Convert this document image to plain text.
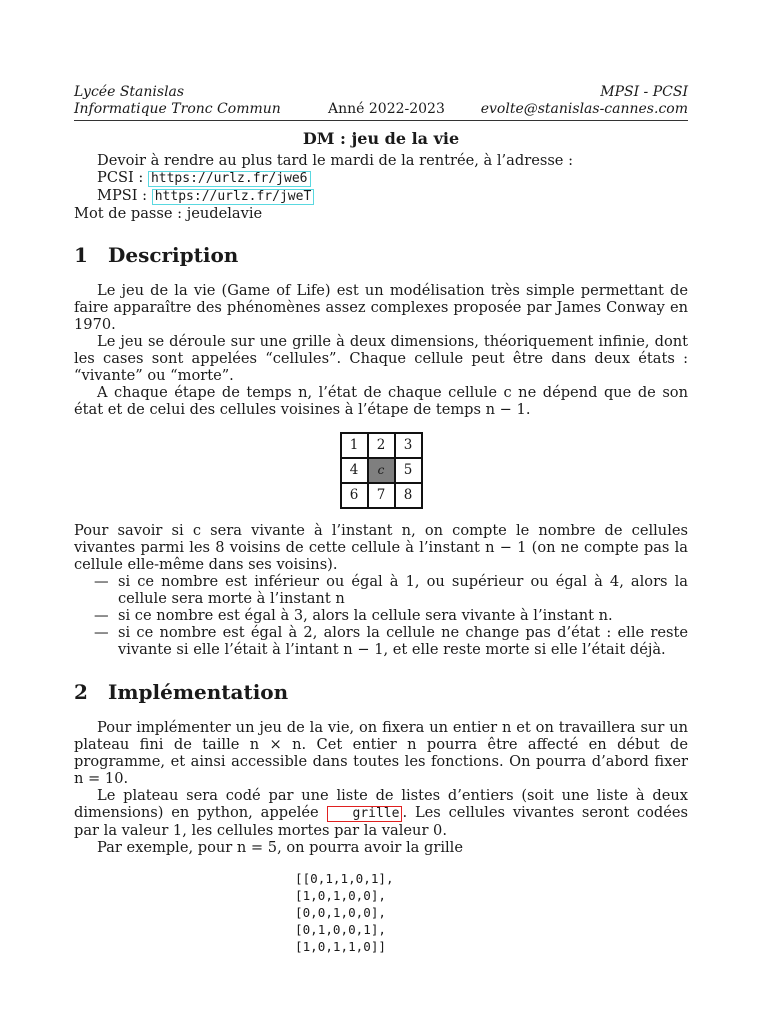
Lycée Stanislas	MPSI - PCSI
Informatique Tronc Commun	Anné 2022-2023	evolte@stanislas-cannes.com
DM : jeu de la vie

Devoir à rendre au plus tard le mardi de la rentrée, à l’adresse :

PCSI : https://urlz.fr/jwe6

MPSI : https://urlz.fr/jweT

Mot de passe : jeudelavie

1 Description

Le jeu de la vie (Game of Life) est un modélisation très simple permettant de faire apparaître des phénomènes assez complexes proposée par James Conway en 1970.

Le jeu se déroule sur une grille à deux dimensions, théoriquement infinie, dont les cases sont appelées “cellules”. Chaque cellule peut être dans deux états : “vivante” ou “morte”.

A chaque étape de temps n, l’état de chaque cellule c ne dépend que de son état et de celui des cellules voisines à l’étape de temps n − 1.

1	2	3
4	c	5
6	7	8

Pour savoir si c sera vivante à l’instant n, on compte le nombre de cellules vivantes parmi les 8 voisins de cette cellule à l’instant n − 1 (on ne compte pas la cellule elle-même dans ses voisins).

— si ce nombre est inférieur ou égal à 1, ou supérieur ou égal à 4, alors la cellule sera morte à l’instant n
— si ce nombre est égal à 3, alors la cellule sera vivante à l’instant n.
— si ce nombre est égal à 2, alors la cellule ne change pas d’état : elle reste vivante si elle l’était à l’intant n − 1, et elle reste morte si elle l’était déjà.
2 Implémentation

Pour implémenter un jeu de la vie, on fixera un entier n et on travaillera sur un plateau fini de taille n × n. Cet entier n pourra être affecté en début de programme, et ainsi accessible dans toutes les fonctions. On pourra d’abord fixer n = 10.

Le plateau sera codé par une liste de listes d’entiers (soit une liste à deux dimensions) en python, appelée grille . Les cellules vivantes seront codées par la valeur 1, les cellules mortes par la valeur 0.

Par exemple, pour n = 5, on pourra avoir la grille

[[0,1,1,0,1],
[1,0,1,0,0],
[0,0,1,0,0],
[0,1,0,0,1],
[1,0,1,1,0]]
